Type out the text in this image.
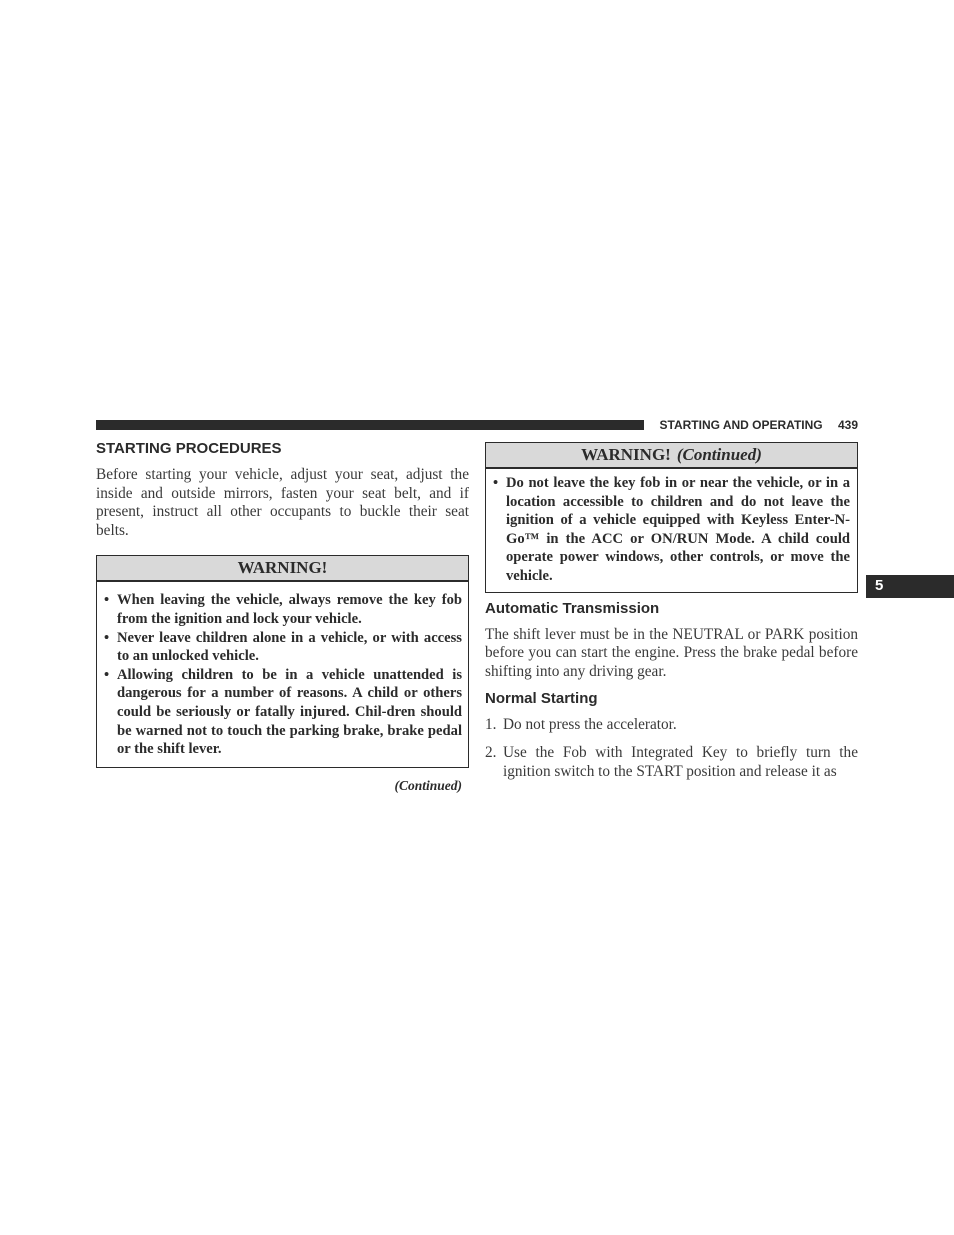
STARTING AND OPERATING 439
5
STARTING PROCEDURES

Before starting your vehicle, adjust your seat, adjust the inside and outside mirrors, fasten your seat belt, and if present, instruct all other occupants to buckle their seat belts.

WARNING!
• When leaving the vehicle, always remove the key fob from the ignition and lock your vehicle.
• Never leave children alone in a vehicle, or with access to an unlocked vehicle.
• Allowing children to be in a vehicle unattended is dangerous for a number of reasons. A child or others could be seriously or fatally injured. Chil-dren should be warned not to touch the parking brake, brake pedal or the shift lever.
(Continued)
WARNING! (Continued)
• Do not leave the key fob in or near the vehicle, or in a location accessible to children and do not leave the ignition of a vehicle equipped with Keyless Enter-N-Go™ in the ACC or ON/RUN Mode. A child could operate power windows, other controls, or move the vehicle.
Automatic Transmission

The shift lever must be in the NEUTRAL or PARK position before you can start the engine. Press the brake pedal before shifting into any driving gear.

Normal Starting
1. Do not press the accelerator.
2. Use the Fob with Integrated Key to briefly turn the ignition switch to the START position and release it as
